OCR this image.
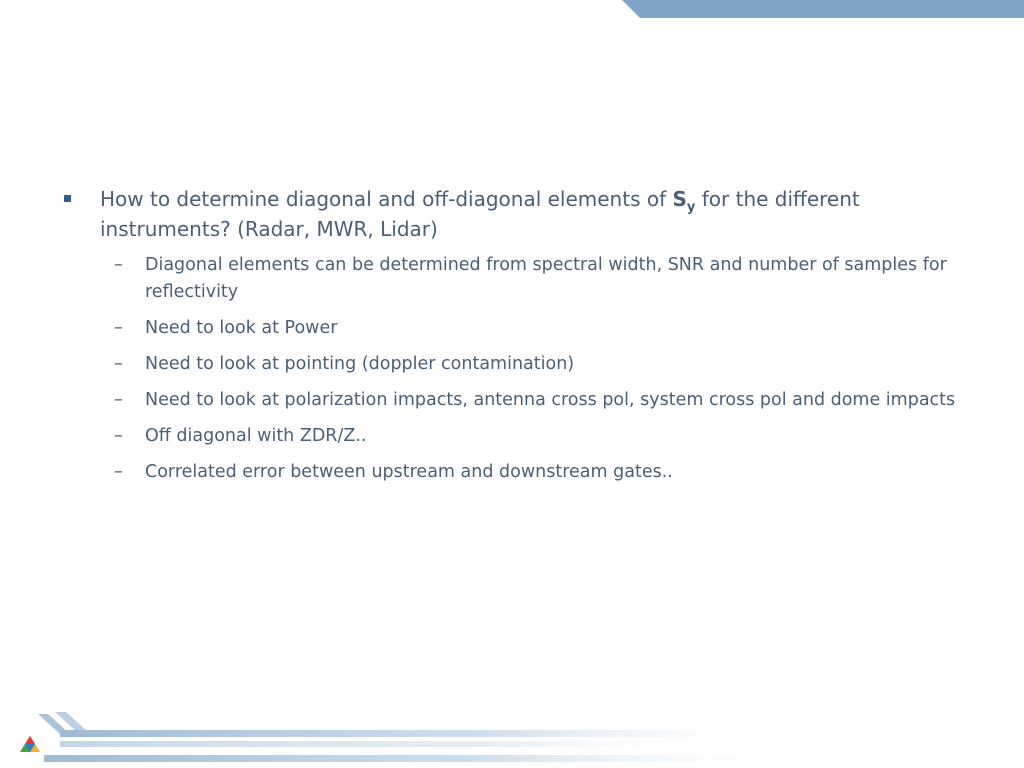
How to determine diagonal and off-diagonal elements of $S_y$ for the different instruments? (Radar, MWR, Lidar)
– Diagonal elements can be determined from spectral width, SNR and number of samples for reflectivity
– Need to look at Power
– Need to look at pointing (doppler contamination)
– Need to look at polarization impacts, antenna cross pol, system cross pol and dome impacts
– Off diagonal with ZDR/Z..
– Correlated error between upstream and downstream gates..
